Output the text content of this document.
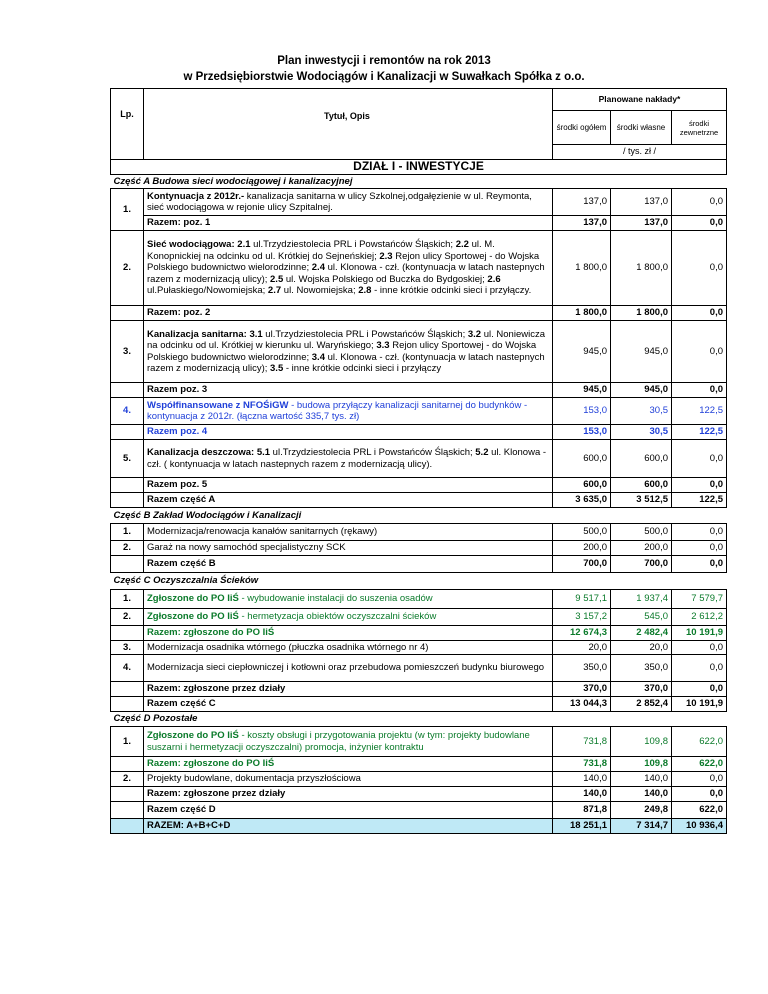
Plan inwestycji i remontów na rok 2013
w Przedsiębiorstwie Wodociągów i Kanalizacji w Suwałkach Spółka z o.o.
Lp.	Tytuł, Opis	Planowane nakłady*		
		środki ogółem	środki własne	środki zewnetrzne
		/ tys. zł /		
DZIAŁ I - INWESTYCJE				
Część A Budowa sieci wodociągowej i kanalizacyjnej				
1.	Kontynuacja z 2012r.- kanalizacja sanitarna w ulicy Szkolnej,odgałęzienie w ul. Reymonta, sieć wodociągowa w rejonie ulicy Szpitalnej.	137,0	137,0	0,0
	Razem: poz. 1	137,0	137,0	0,0
2.	Sieć wodociągowa: 2.1 ul.Trzydziestolecia PRL i Powstańców Śląskich; 2.2 ul. M. Konopnickiej na odcinku od ul. Krótkiej do Sejneńskiej; 2.3 Rejon ulicy Sportowej - do Wojska Polskiego budownictwo wielorodzinne; 2.4 ul. Klonowa - czł. (kontynuacja w latach nastepnych razem z modernizacją ulicy); 2.5 ul. Wojska Polskiego od Buczka do Bydgoskiej; 2.6 ul.Pułaskiego/Nowomiejska; 2.7 ul. Nowomiejska; 2.8 - inne krótkie odcinki sieci i przyłączy.	1 800,0	1 800,0	0,0
	Razem: poz. 2	1 800,0	1 800,0	0,0
3.	Kanalizacja sanitarna: 3.1 ul.Trzydziestolecia PRL i Powstańców Śląskich; 3.2 ul. Noniewicza na odcinku od ul. Krótkiej w kierunku ul. Waryńskiego; 3.3 Rejon ulicy Sportowej - do Wojska Polskiego budownictwo wielorodzinne; 3.4 ul. Klonowa - czł. (kontynuacja w latach nastepnych razem z modernizacją ulicy); 3.5 - inne krótkie odcinki sieci i przyłączy	945,0	945,0	0,0
	Razem poz. 3	945,0	945,0	0,0
4.	Współfinansowane z NFOŚiGW - budowa przyłączy kanalizacji sanitarnej do budynków - kontynuacja z 2012r. (łączna wartość 335,7 tys. zł)	153,0	30,5	122,5
	Razem poz. 4	153,0	30,5	122,5
5.	Kanalizacja deszczowa: 5.1 ul.Trzydziestolecia PRL i Powstańców Śląskich; 5.2 ul. Klonowa - czł. ( kontynuacja w latach nastepnych razem z modernizacją ulicy).	600,0	600,0	0,0
	Razem poz. 5	600,0	600,0	0,0
	Razem część A	3 635,0	3 512,5	122,5
Część B Zakład Wodociągów i Kanalizacji				
1.	Modernizacja/renowacja kanałów sanitarnych (rękawy)	500,0	500,0	0,0
2.	Garaż na nowy samochód specjalistyczny SCK	200,0	200,0	0,0
	Razem część B	700,0	700,0	0,0
Część C Oczyszczalnia Ścieków				
1.	Zgłoszone do PO IiŚ - wybudowanie instalacji do suszenia osadów	9 517,1	1 937,4	7 579,7
2.	Zgłoszone do PO IiŚ - hermetyzacja obiektów oczyszczalni ścieków	3 157,2	545,0	2 612,2
	Razem: zgłoszone do PO IiŚ	12 674,3	2 482,4	10 191,9
3.	Modernizacja osadnika wtórnego (płuczka osadnika wtórnego nr 4)	20,0	20,0	0,0
4.	Modernizacja sieci ciepłowniczej i kotłowni oraz przebudowa pomieszczeń budynku biurowego	350,0	350,0	0,0
	Razem: zgłoszone przez działy	370,0	370,0	0,0
	Razem część C	13 044,3	2 852,4	10 191,9
Część D Pozostałe				
1.	Zgłoszone do PO IiŚ - koszty obsługi i przygotowania projektu (w tym: projekty budowlane suszarni i hermetyzacji oczyszczalni) promocja, inżynier kontraktu	731,8	109,8	622,0
	Razem: zgłoszone do PO IiŚ	731,8	109,8	622,0
2.	Projekty budowlane, dokumentacja przyszłościowa	140,0	140,0	0,0
	Razem: zgłoszone przez działy	140,0	140,0	0,0
	Razem część D	871,8	249,8	622,0
	RAZEM: A+B+C+D	18 251,1	7 314,7	10 936,4
